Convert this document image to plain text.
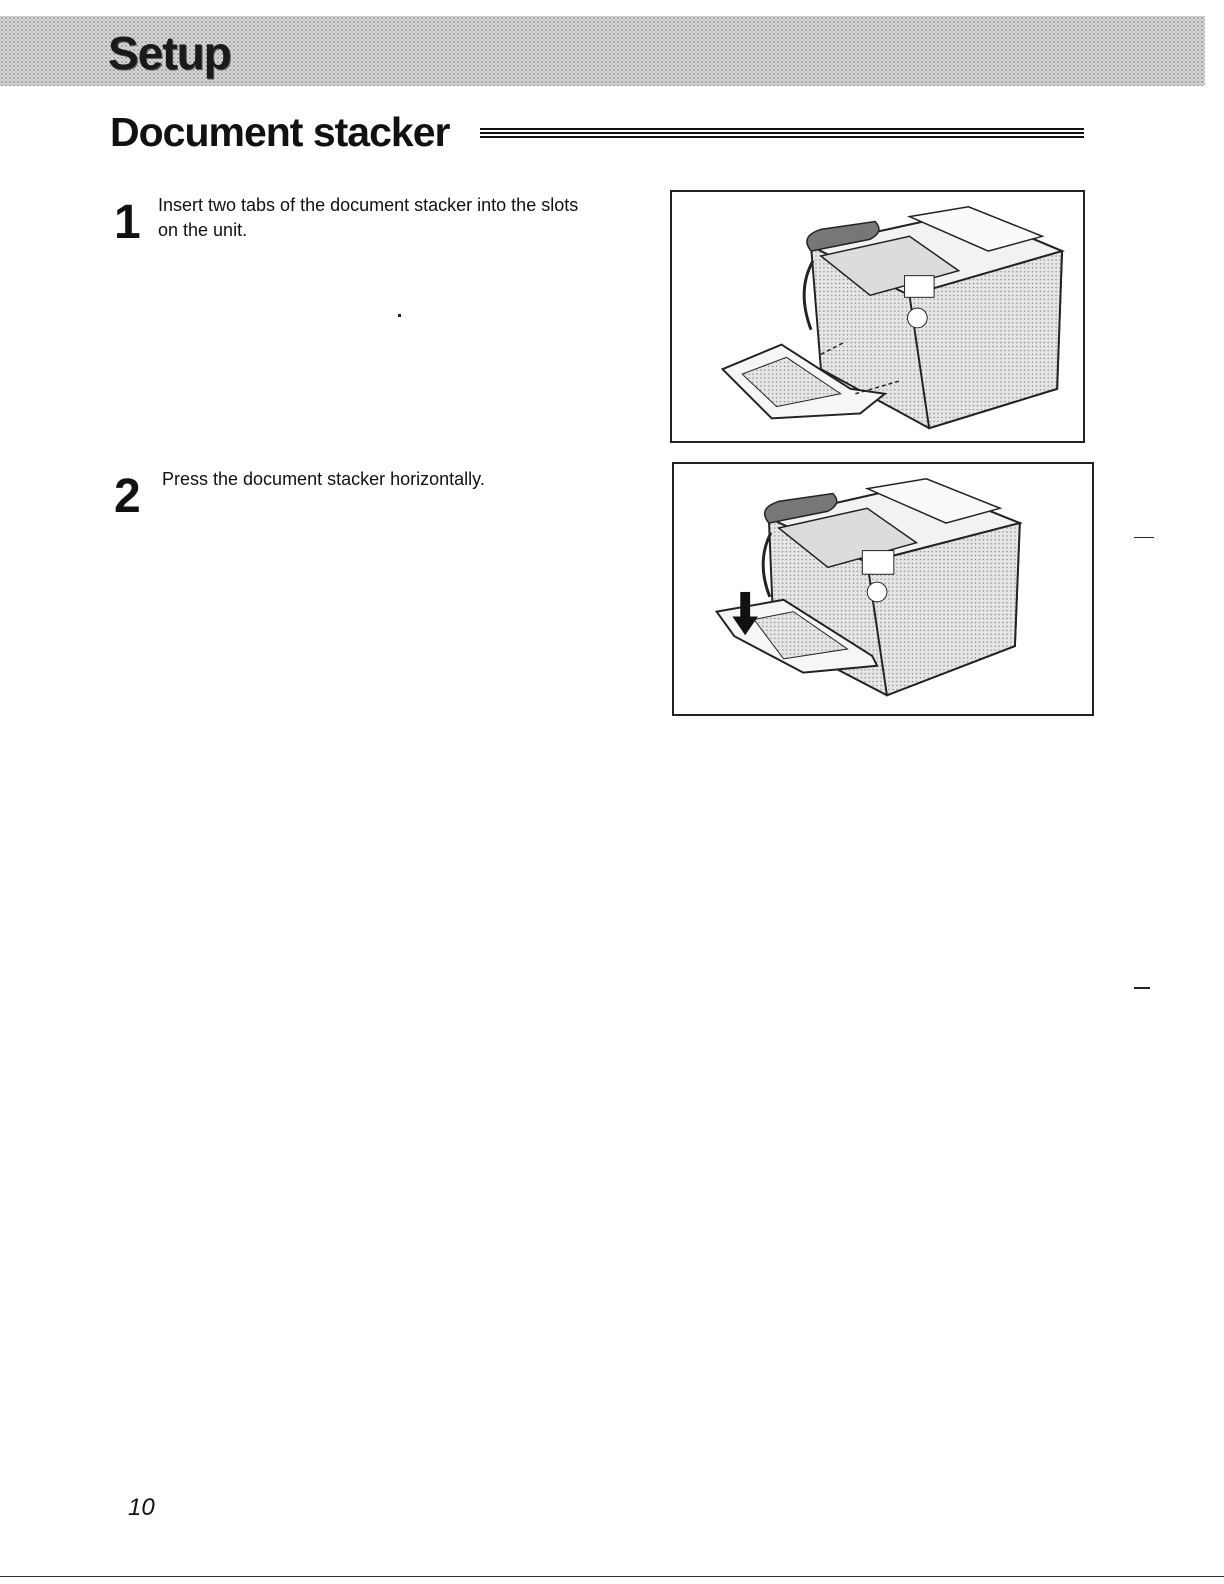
Setup
Document stacker
1 Insert two tabs of the document stacker into the slots on the unit.
2 Press the document stacker horizontally.
10
